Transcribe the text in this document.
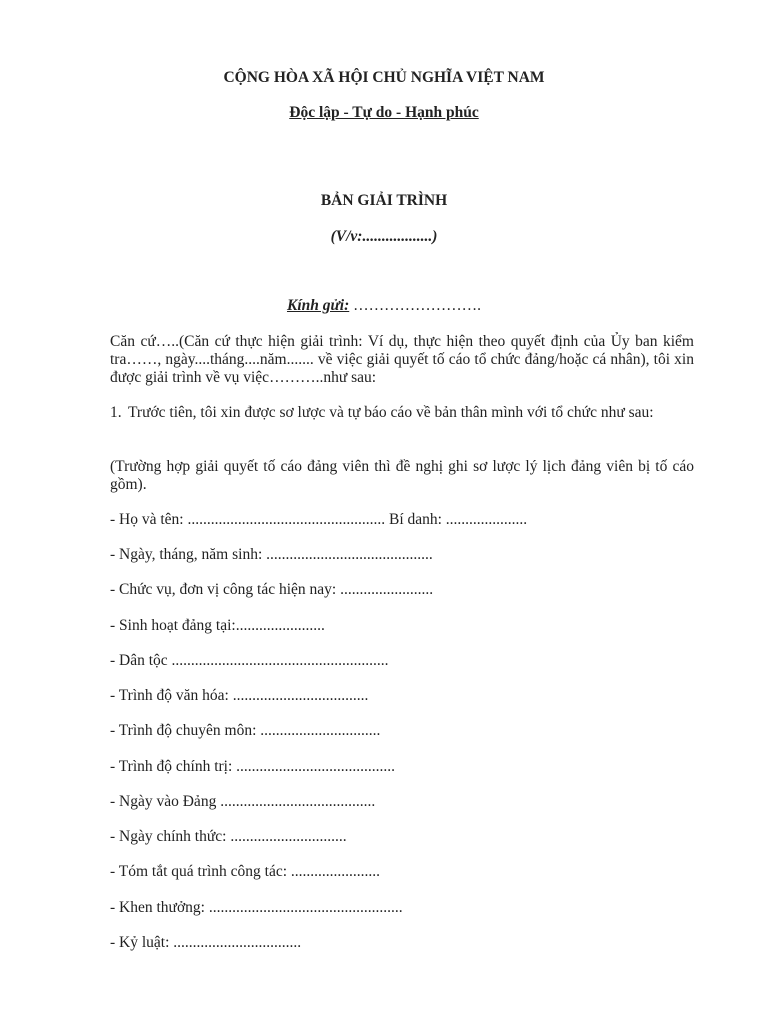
CỘNG HÒA XÃ HỘI CHỦ NGHĨA VIỆT NAM
Độc lập - Tự do - Hạnh phúc
BẢN GIẢI TRÌNH
(V/v:..................)
Kính gửi: …………………….
Căn cứ…..(Căn cứ thực hiện giải trình: Ví dụ, thực hiện theo quyết định của Ủy ban kiểm tra……, ngày....tháng....năm....... về việc giải quyết tố cáo tổ chức đảng/hoặc cá nhân), tôi xin được giải trình về vụ việc………..như sau:
1. Trước tiên, tôi xin được sơ lược và tự báo cáo về bản thân mình với tổ chức như sau:
(Trường hợp giải quyết tố cáo đảng viên thì đề nghị ghi sơ lược lý lịch đảng viên bị tố cáo gồm).
- Họ và tên: ................................................... Bí danh: .....................
- Ngày, tháng, năm sinh: ...........................................
- Chức vụ, đơn vị công tác hiện nay: ........................
- Sinh hoạt đảng tại:.......................
- Dân tộc ........................................................
- Trình độ văn hóa: ...................................
- Trình độ chuyên môn: ...............................
- Trình độ chính trị: .........................................
- Ngày vào Đảng ........................................
- Ngày chính thức: ..............................
- Tóm tắt quá trình công tác: .......................
- Khen thưởng: ..................................................
- Kỷ luật: .................................
